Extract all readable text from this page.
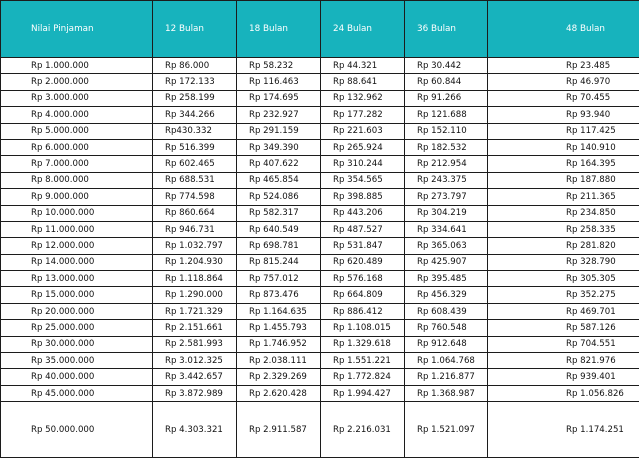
Nilai Pinjaman	12 Bulan	18 Bulan	24 Bulan	36 Bulan	48 Bulan
Rp 1.000.000	Rp 86.000	Rp 58.232	Rp 44.321	Rp 30.442	Rp 23.485
Rp 2.000.000	Rp 172.133	Rp 116.463	Rp 88.641	Rp 60.844	Rp 46.970
Rp 3.000.000	Rp 258.199	Rp 174.695	Rp 132.962	Rp 91.266	Rp 70.455
Rp 4.000.000	Rp 344.266	Rp 232.927	Rp 177.282	Rp 121.688	Rp 93.940
Rp 5.000.000	Rp430.332	Rp 291.159	Rp 221.603	Rp 152.110	Rp 117.425
Rp 6.000.000	Rp 516.399	Rp 349.390	Rp 265.924	Rp 182.532	Rp 140.910
Rp 7.000.000	Rp 602.465	Rp 407.622	Rp 310.244	Rp 212.954	Rp 164.395
Rp 8.000.000	Rp 688.531	Rp 465.854	Rp 354.565	Rp 243.375	Rp 187.880
Rp 9.000.000	Rp 774.598	Rp 524.086	Rp 398.885	Rp 273.797	Rp 211.365
Rp 10.000.000	Rp 860.664	Rp 582.317	Rp 443.206	Rp 304.219	Rp 234.850
Rp 11.000.000	Rp 946.731	Rp 640.549	Rp 487.527	Rp 334.641	Rp 258.335
Rp 12.000.000	Rp 1.032.797	Rp 698.781	Rp 531.847	Rp 365.063	Rp 281.820
Rp 14.000.000	Rp 1.204.930	Rp 815.244	Rp 620.489	Rp 425.907	Rp 328.790
Rp 13.000.000	Rp 1.118.864	Rp 757.012	Rp 576.168	Rp 395.485	Rp 305.305
Rp 15.000.000	Rp 1.290.000	Rp 873.476	Rp 664.809	Rp 456.329	Rp 352.275
Rp 20.000.000	Rp 1.721.329	Rp 1.164.635	Rp 886.412	Rp 608.439	Rp 469.701
Rp 25.000.000	Rp 2.151.661	Rp 1.455.793	Rp 1.108.015	Rp 760.548	Rp 587.126
Rp 30.000.000	Rp 2.581.993	Rp 1.746.952	Rp 1.329.618	Rp 912.648	Rp 704.551
Rp 35.000.000	Rp 3.012.325	Rp 2.038.111	Rp 1.551.221	Rp 1.064.768	Rp 821.976
Rp 40.000.000	Rp 3.442.657	Rp 2.329.269	Rp 1.772.824	Rp 1.216.877	Rp 939.401
Rp 45.000.000	Rp 3.872.989	Rp 2.620.428	Rp 1.994.427	Rp 1.368.987	Rp 1.056.826
Rp 50.000.000	Rp 4.303.321	Rp 2.911.587	Rp 2.216.031	Rp 1.521.097	Rp 1.174.251
